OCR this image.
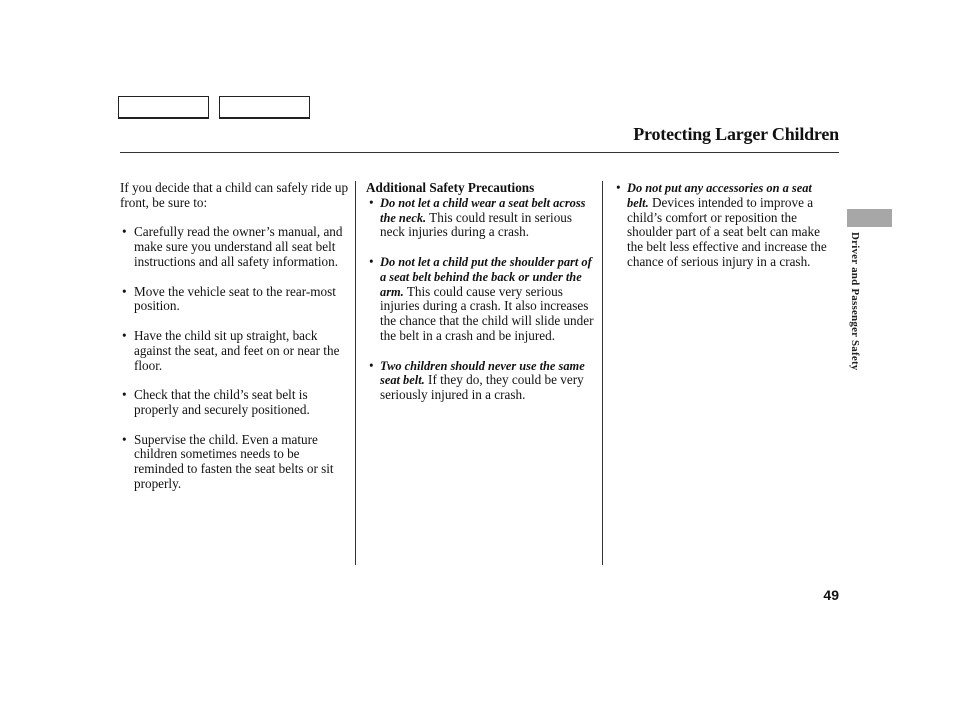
Protecting Larger Children

If you decide that a child can safely ride up front, be sure to:

• Carefully read the owner’s manual, and make sure you understand all seat belt instructions and all safety information.
• Move the vehicle seat to the rear-most position.
• Have the child sit up straight, back against the seat, and feet on or near the floor.
• Check that the child’s seat belt is properly and securely positioned.
• Supervise the child. Even a mature children sometimes needs to be reminded to fasten the seat belts or sit properly.

Additional Safety Precautions

• Do not let a child wear a seat belt across the neck. This could result in serious neck injuries during a crash.
• Do not let a child put the shoulder part of a seat belt behind the back or under the arm. This could cause very serious injuries during a crash. It also increases the chance that the child will slide under the belt in a crash and be injured.
• Two children should never use the same seat belt. If they do, they could be very seriously injured in a crash.
• Do not put any accessories on a seat belt. Devices intended to improve a child’s comfort or reposition the shoulder part of a seat belt can make the belt less effective and increase the chance of serious injury in a crash.	Driver and Passenger Safety
49
